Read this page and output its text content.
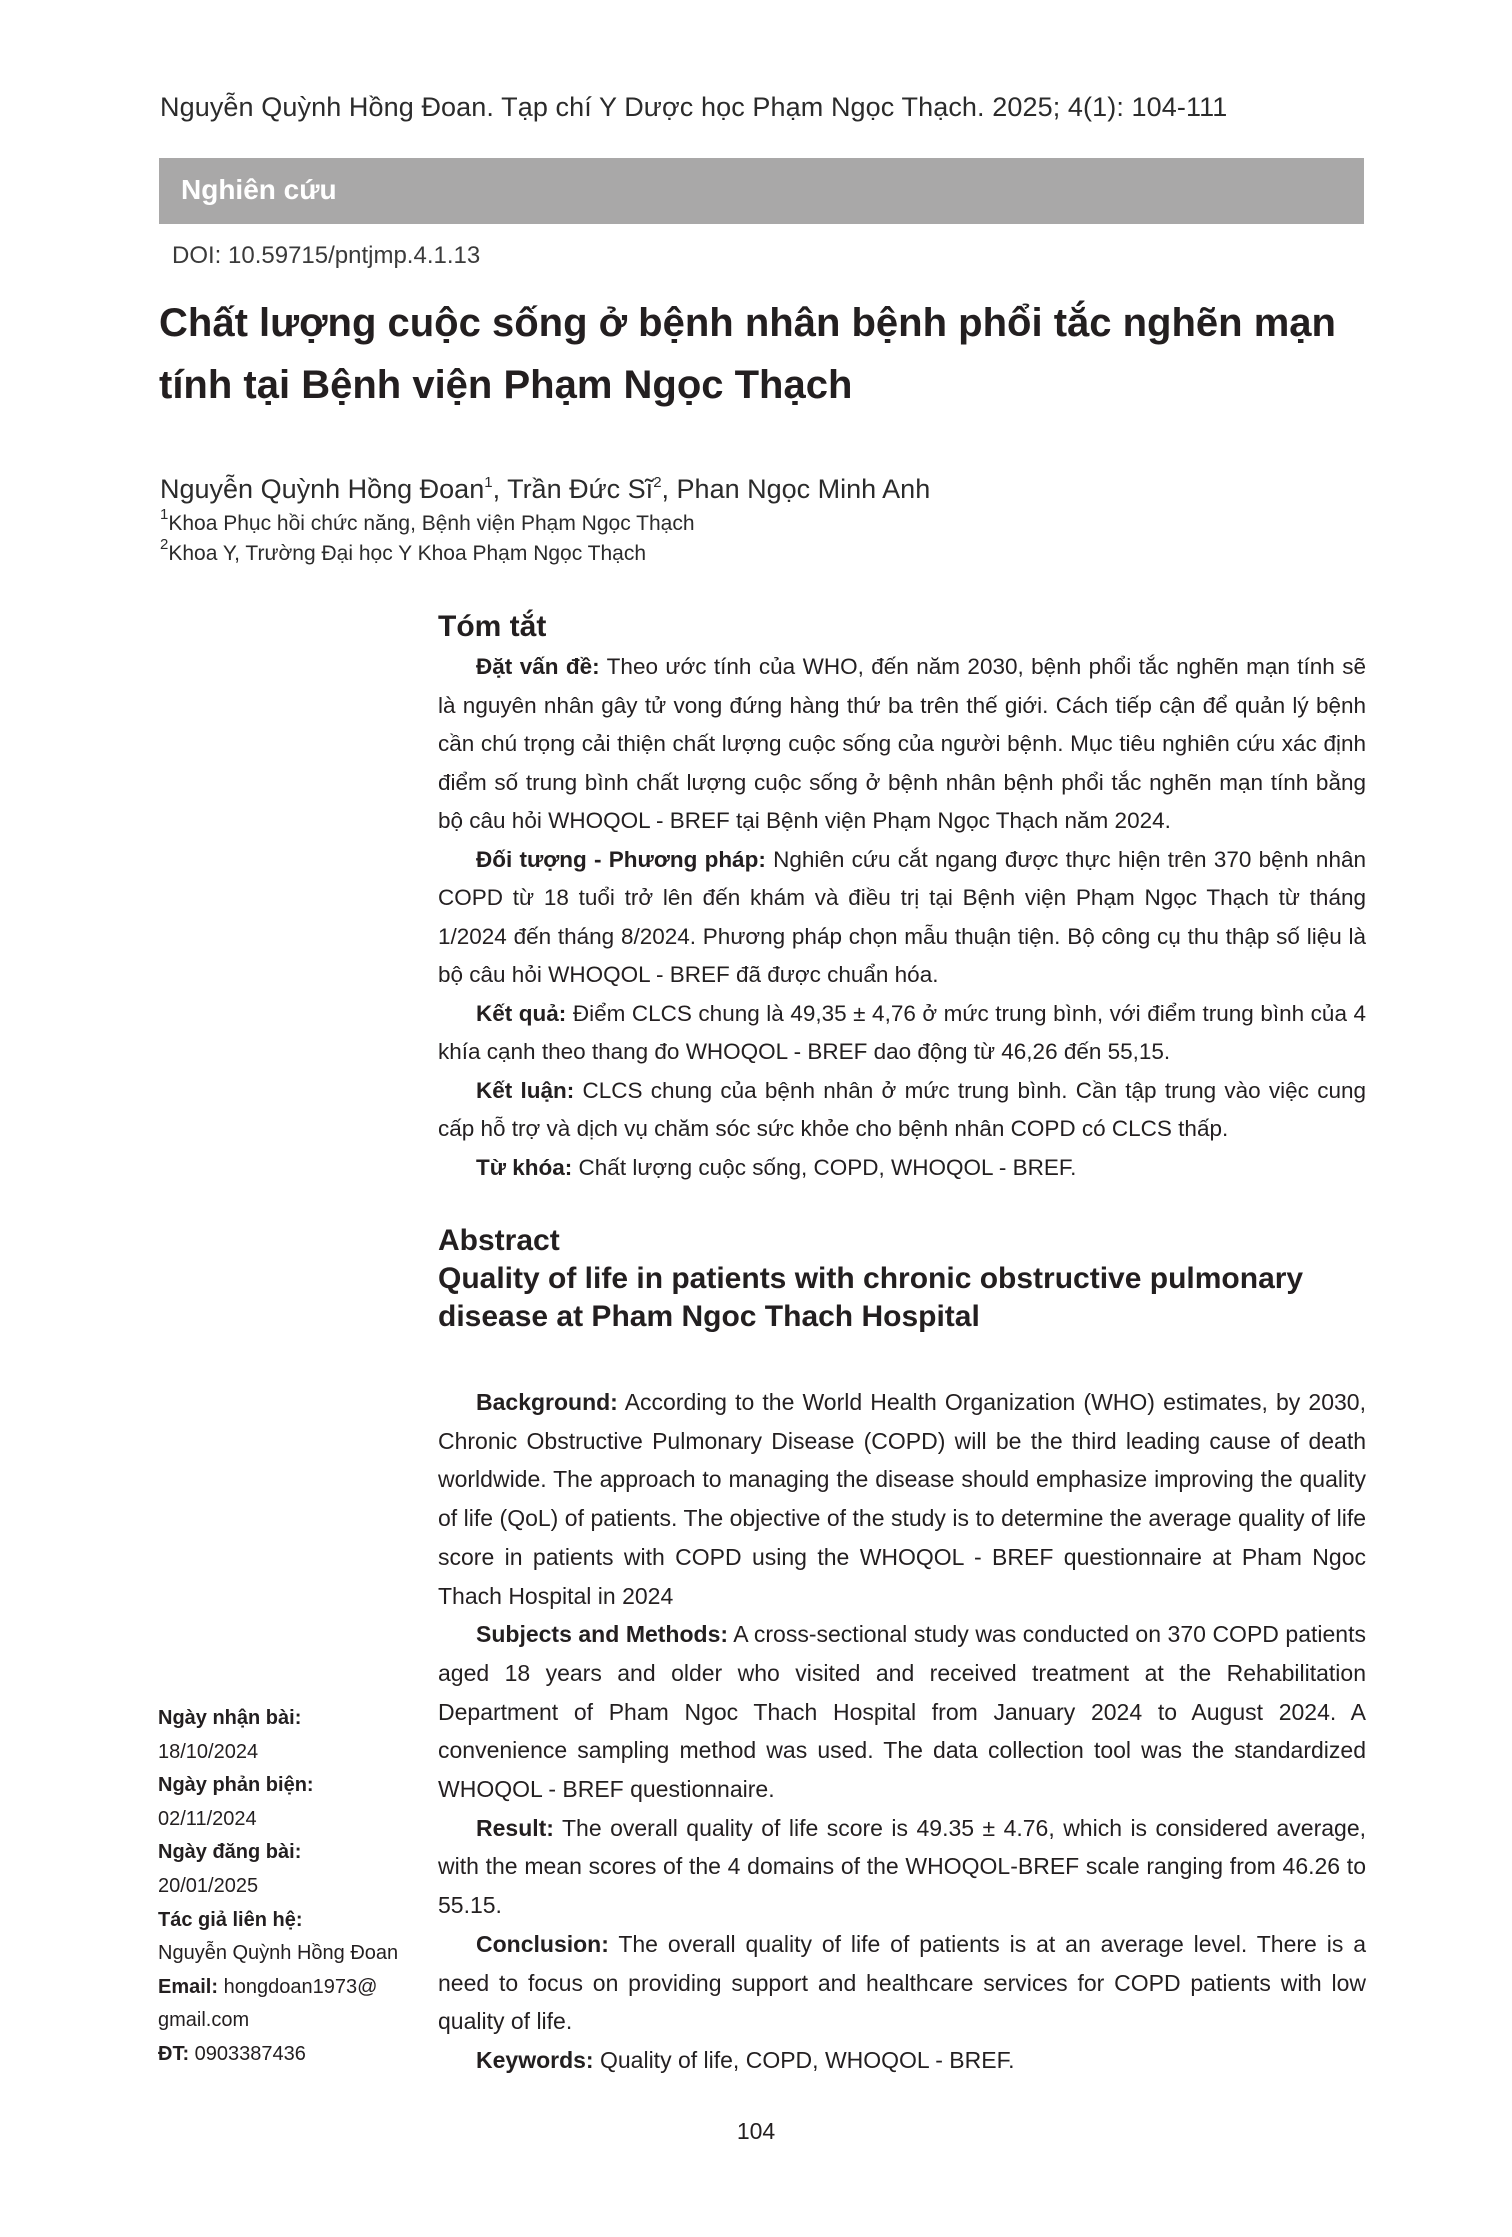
Nguyễn Quỳnh Hồng Đoan. Tạp chí Y Dược học Phạm Ngọc Thạch. 2025; 4(1): 104-111
Nghiên cứu
DOI: 10.59715/pntjmp.4.1.13
Chất lượng cuộc sống ở bệnh nhân bệnh phổi tắc nghẽn mạn tính tại Bệnh viện Phạm Ngọc Thạch
Nguyễn Quỳnh Hồng Đoan$^1$, Trần Đức $Sĩ^2$, Phan Ngọc Minh Anh
$^1$Khoa Phục hồi chức năng, Bệnh viện Phạm Ngọc Thạch
$^2$Khoa Y, Trường Đại học Y Khoa Phạm Ngọc Thạch
Tóm tắt

Đặt vấn đề: Theo ước tính của WHO, đến năm 2030, bệnh phổi tắc nghẽn mạn tính sẽ là nguyên nhân gây tử vong đứng hàng thứ ba trên thế giới. Cách tiếp cận để quản lý bệnh cần chú trọng cải thiện chất lượng cuộc sống của người bệnh. Mục tiêu nghiên cứu xác định điểm số trung bình chất lượng cuộc sống ở bệnh nhân bệnh phổi tắc nghẽn mạn tính bằng bộ câu hỏi WHOQOL - BREF tại Bệnh viện Phạm Ngọc Thạch năm 2024.

Đối tượng - Phương pháp: Nghiên cứu cắt ngang được thực hiện trên 370 bệnh nhân COPD từ 18 tuổi trở lên đến khám và điều trị tại Bệnh viện Phạm Ngọc Thạch từ tháng 1/2024 đến tháng 8/2024. Phương pháp chọn mẫu thuận tiện. Bộ công cụ thu thập số liệu là bộ câu hỏi WHOQOL - BREF đã được chuẩn hóa.

Kết quả: Điểm CLCS chung là 49,35 ± 4,76 ở mức trung bình, với điểm trung bình của 4 khía cạnh theo thang đo WHOQOL - BREF dao động từ 46,26 đến 55,15.

Kết luận: CLCS chung của bệnh nhân ở mức trung bình. Cần tập trung vào việc cung cấp hỗ trợ và dịch vụ chăm sóc sức khỏe cho bệnh nhân COPD có CLCS thấp.

Từ khóa: Chất lượng cuộc sống, COPD, WHOQOL - BREF.

Abstract
Quality of life in patients with chronic obstructive pulmonary disease at Pham Ngoc Thach Hospital

Background: According to the World Health Organization (WHO) estimates, by 2030, Chronic Obstructive Pulmonary Disease (COPD) will be the third leading cause of death worldwide. The approach to managing the disease should emphasize improving the quality of life (QoL) of patients. The objective of the study is to determine the average quality of life score in patients with COPD using the WHOQOL - BREF questionnaire at Pham Ngoc Thach Hospital in 2024

Subjects and Methods: A cross-sectional study was conducted on 370 COPD patients aged 18 years and older who visited and received treatment at the Rehabilitation Department of Pham Ngoc Thach Hospital from January 2024 to August 2024. A convenience sampling method was used. The data collection tool was the standardized WHOQOL - BREF questionnaire.

Result: The overall quality of life score is 49.35 ± 4.76, which is considered average, with the mean scores of the 4 domains of the WHOQOL-BREF scale ranging from 46.26 to 55.15.

Conclusion: The overall quality of life of patients is at an average level. There is a need to focus on providing support and healthcare services for COPD patients with low quality of life.

Keywords: Quality of life, COPD, WHOQOL - BREF.

Ngày nhận bài:
18/10/2024
Ngày phản biện:
02/11/2024
Ngày đăng bài:
20/01/2025
Tác giả liên hệ:
Nguyễn Quỳnh Hồng Đoan
Email: hongdoan1973@
gmail.com
ĐT: 0903387436
104
